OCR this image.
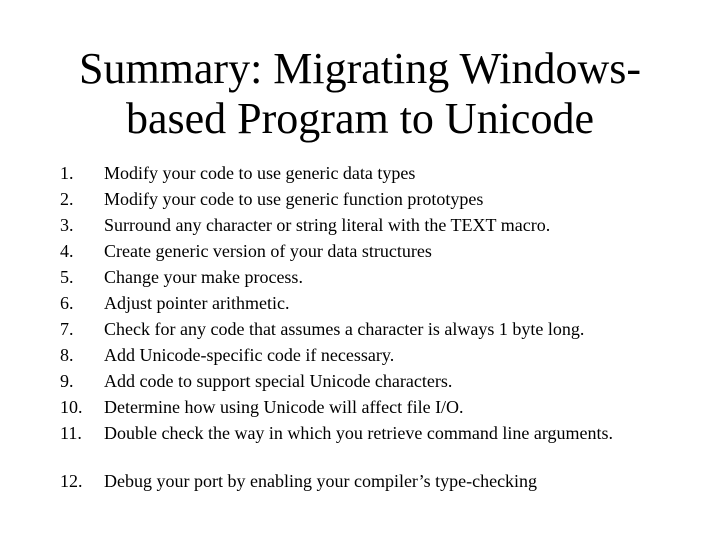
Summary: Migrating Windows-
based Program to Unicode
1.	Modify your code to use generic data types
2.	Modify your code to use generic function prototypes
3.	Surround any character or string literal with the TEXT macro.
4.	Create generic version of your data structures
5.	Change your make process.
6.	Adjust pointer arithmetic.
7.	Check for any code that assumes a character is always 1 byte long.
8.	Add Unicode-specific code if necessary.
9.	Add code to support special Unicode characters.
10.	Determine how using Unicode will affect file I/O.
11.	Double check the way in which you retrieve command line arguments.
12.	Debug your port by enabling your compiler’s type-checking
